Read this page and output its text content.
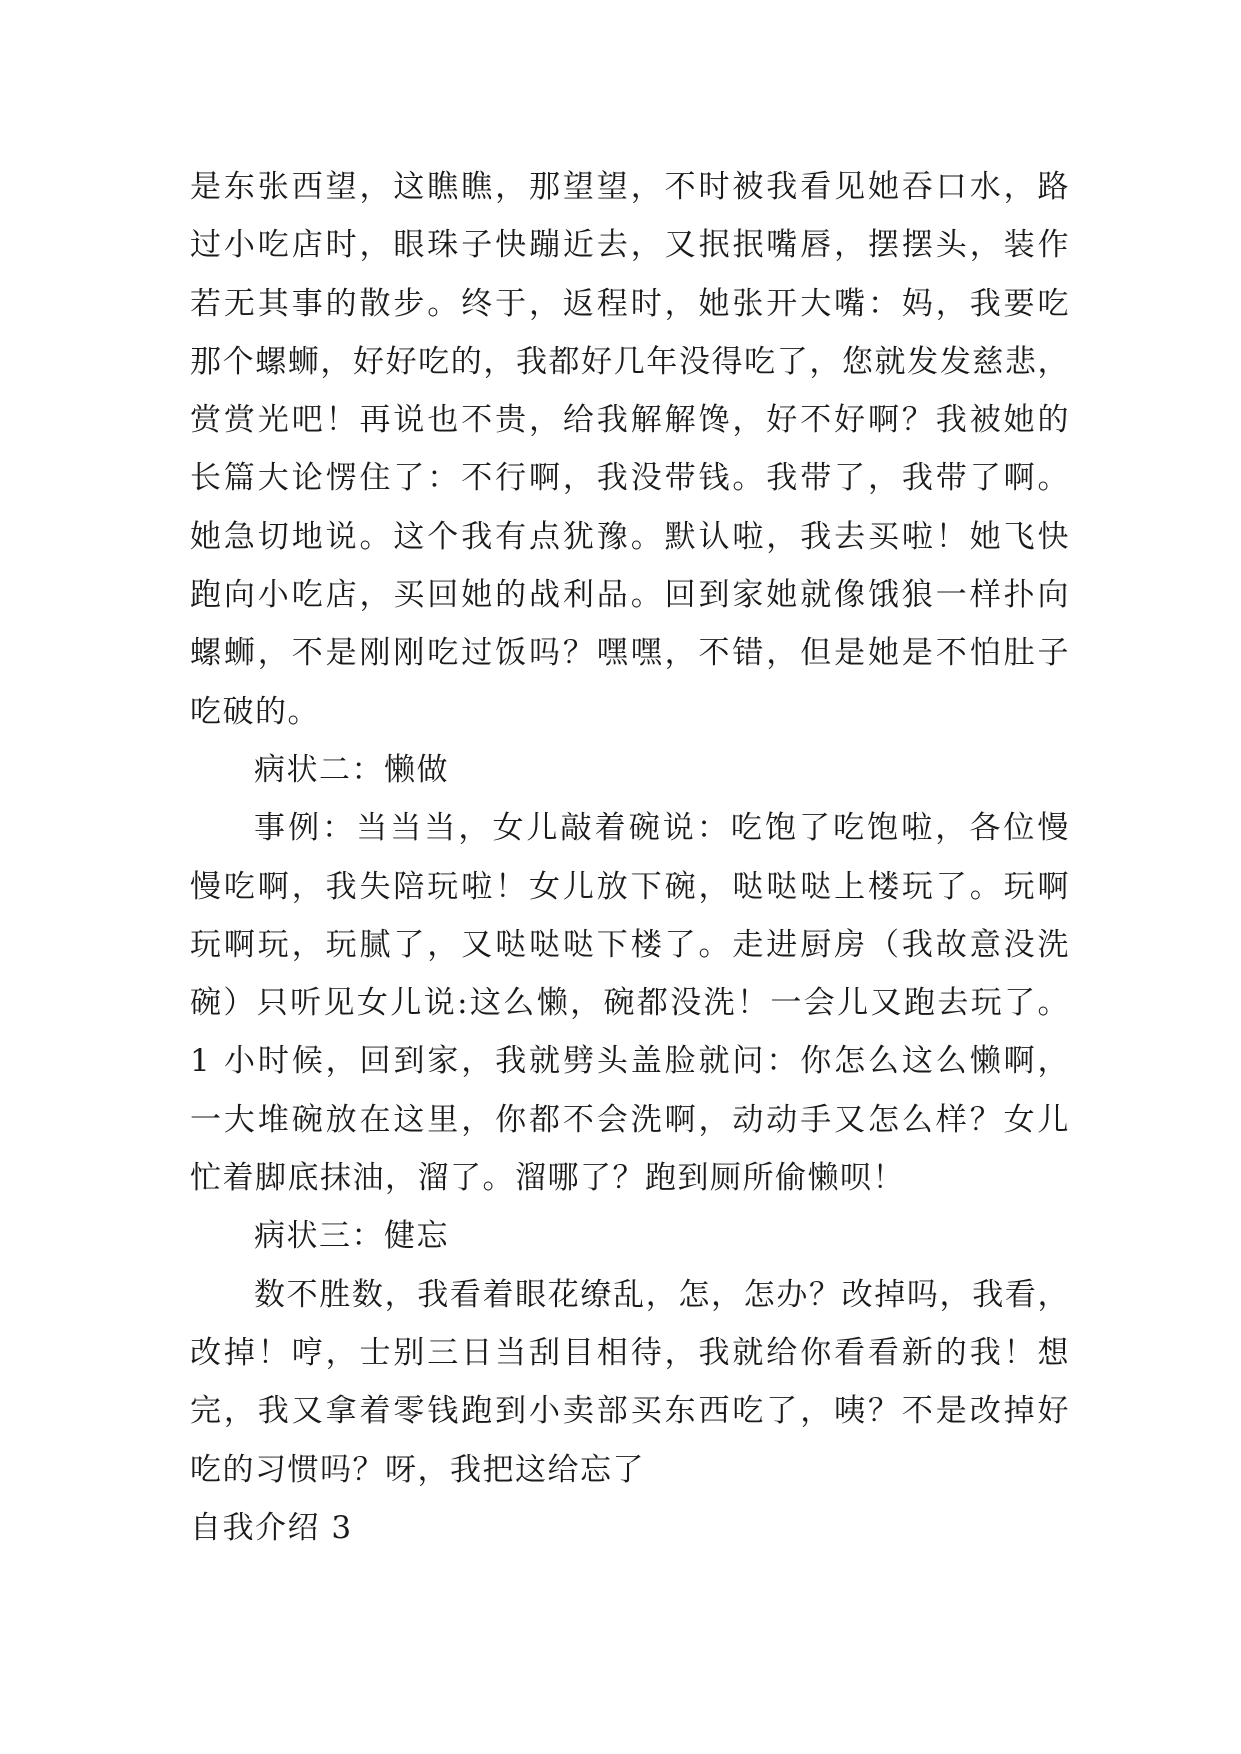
是东张西望，这瞧瞧，那望望，不时被我看见她吞口水，路
过小吃店时，眼珠子快蹦近去，又抿抿嘴唇，摆摆头，装作
若无其事的散步。终于，返程时，她张开大嘴：妈，我要吃
那个螺蛳，好好吃的，我都好几年没得吃了，您就发发慈悲，
赏赏光吧！再说也不贵，给我解解馋，好不好啊？我被她的
长篇大论愣住了：不行啊，我没带钱。我带了，我带了啊。
她急切地说。这个我有点犹豫。默认啦，我去买啦！她飞快
跑向小吃店，买回她的战利品。回到家她就像饿狼一样扑向
螺蛳，不是刚刚吃过饭吗？嘿嘿，不错，但是她是不怕肚子
吃破的。
病状二：懒做
事例：当当当，女儿敲着碗说：吃饱了吃饱啦，各位慢
慢吃啊，我失陪玩啦！女儿放下碗，哒哒哒上楼玩了。玩啊
玩啊玩，玩腻了，又哒哒哒下楼了。走进厨房（我故意没洗
碗）只听见女儿说:这么懒，碗都没洗！一会儿又跑去玩了。
1 小时候，回到家，我就劈头盖脸就问：你怎么这么懒啊，
一大堆碗放在这里，你都不会洗啊，动动手又怎么样？女儿
忙着脚底抹油，溜了。溜哪了？跑到厕所偷懒呗！
病状三：健忘
数不胜数，我看着眼花缭乱，怎，怎办？改掉吗，我看，
改掉！哼，士别三日当刮目相待，我就给你看看新的我！想
完，我又拿着零钱跑到小卖部买东西吃了，咦？不是改掉好
吃的习惯吗？呀，我把这给忘了
自我介绍 3
